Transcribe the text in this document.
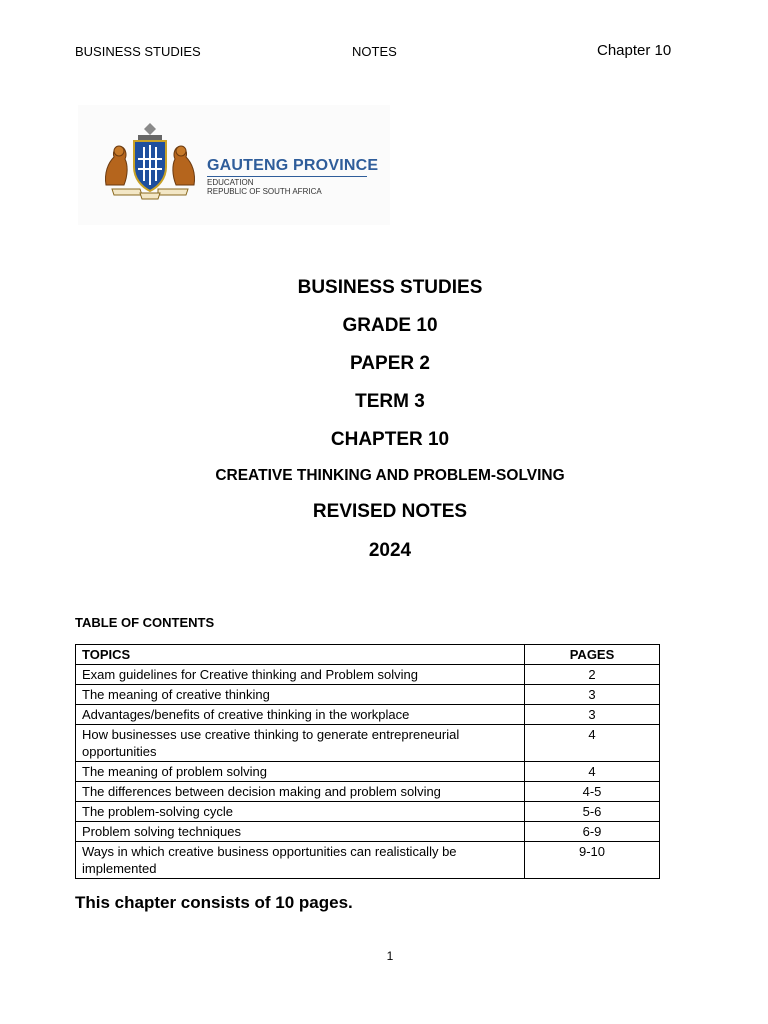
BUSINESS STUDIES	NOTES	Chapter 10
GAUTENG PROVINCE
EDUCATION
REPUBLIC OF SOUTH AFRICA
BUSINESS STUDIES
GRADE 10
PAPER 2
TERM 3
CHAPTER 10
CREATIVE THINKING AND PROBLEM-SOLVING
REVISED NOTES
2024
TABLE OF CONTENTS
TOPICS	PAGES
Exam guidelines for Creative thinking and Problem solving	2
The meaning of creative thinking	3
Advantages/benefits of creative thinking in the workplace	3
How businesses use creative thinking to generate entrepreneurial opportunities	4
The meaning of problem solving	4
The differences between decision making and problem solving	4-5
The problem-solving cycle	5-6
Problem solving techniques	6-9
Ways in which creative business opportunities can realistically be implemented	9-10
This chapter consists of 10 pages.
1
